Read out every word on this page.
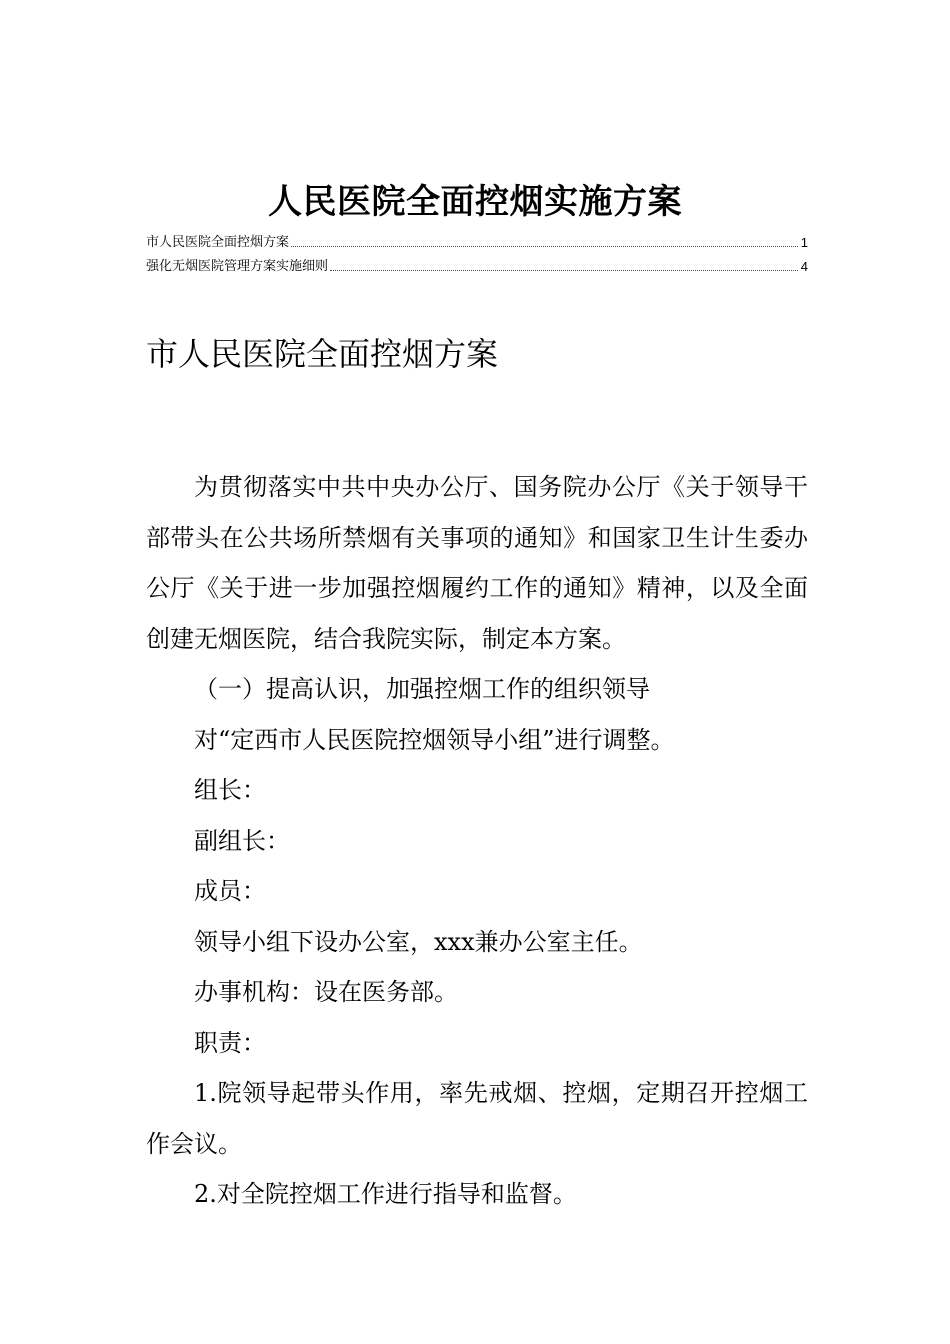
人民医院全面控烟实施方案
市人民医院全面控烟方案	1
强化无烟医院管理方案实施细则	4
市人民医院全面控烟方案

为贯彻落实中共中央办公厅、国务院办公厅《关于领导干部带头在公共场所禁烟有关事项的通知》和国家卫生计生委办公厅《关于进一步加强控烟履约工作的通知》精神，以及全面创建无烟医院，结合我院实际，制定本方案。

（一）提高认识，加强控烟工作的组织领导

对“定西市人民医院控烟领导小组”进行调整。

组长：

副组长：

成员：

领导小组下设办公室，xxx兼办公室主任。

办事机构：设在医务部。

职责：

1.院领导起带头作用，率先戒烟、控烟，定期召开控烟工作会议。

2.对全院控烟工作进行指导和监督。
